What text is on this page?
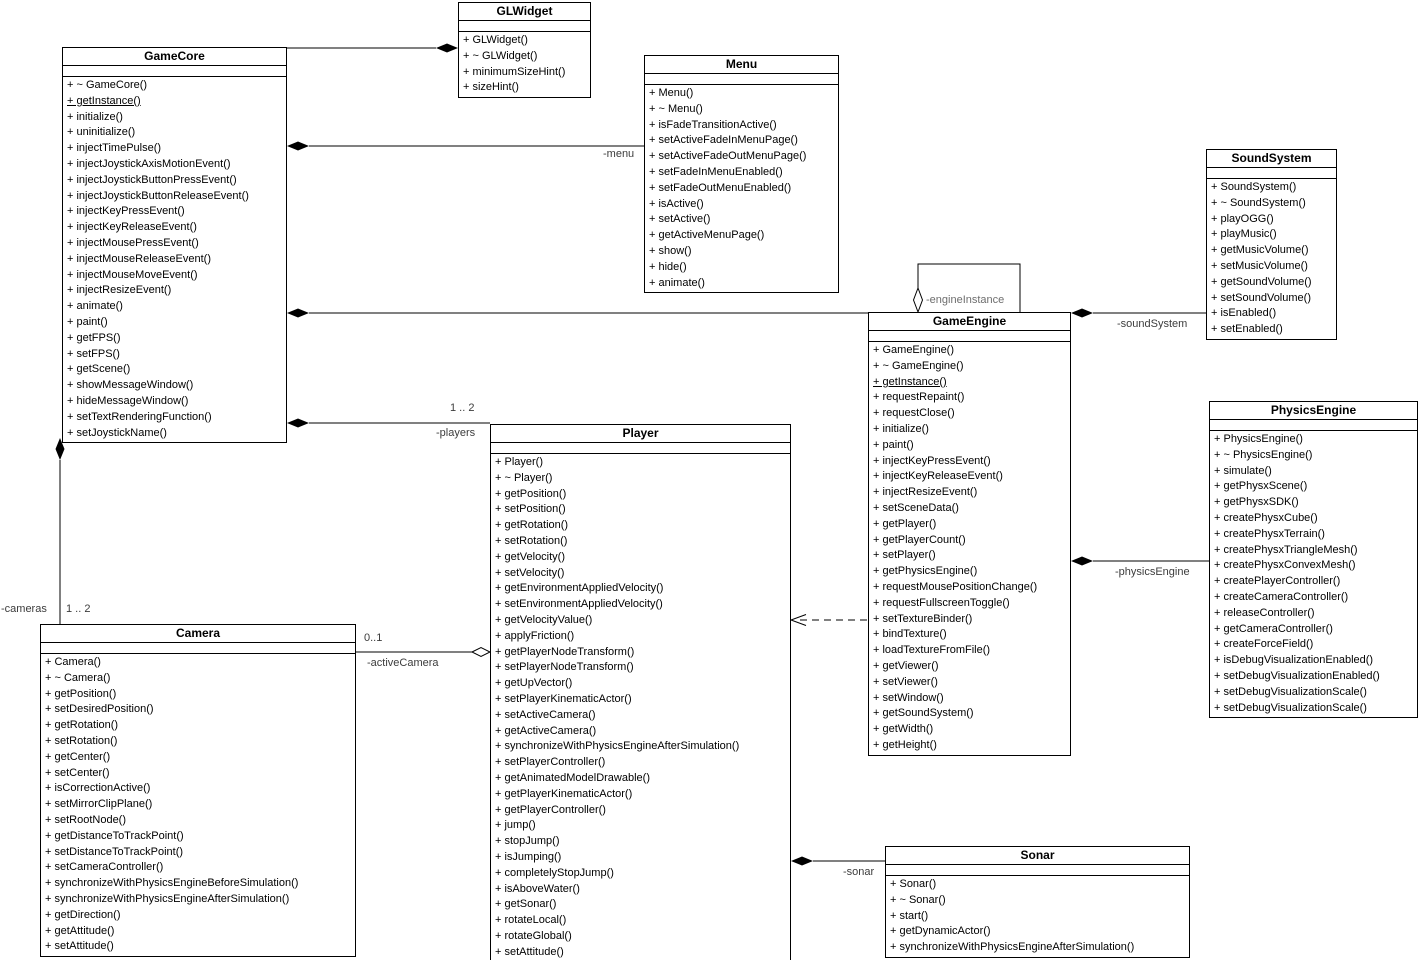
-menu
1 .. 2
-players
-cameras 1 .. 2
0..1
-activeCamera
-engineInstance
-soundSystem
-physicsEngine
-sonar
GameCore
+ ~ GameCore()
+ getInstance()
+ initialize()
+ uninitialize()
+ injectTimePulse()
+ injectJoystickAxisMotionEvent()
+ injectJoystickButtonPressEvent()
+ injectJoystickButtonReleaseEvent()
+ injectKeyPressEvent()
+ injectKeyReleaseEvent()
+ injectMousePressEvent()
+ injectMouseReleaseEvent()
+ injectMouseMoveEvent()
+ injectResizeEvent()
+ animate()
+ paint()
+ getFPS()
+ setFPS()
+ getScene()
+ showMessageWindow()
+ hideMessageWindow()
+ setTextRenderingFunction()
+ setJoystickName()
GLWidget
+ GLWidget()
+ ~ GLWidget()
+ minimumSizeHint()
+ sizeHint()
Menu
+ Menu()
+ ~ Menu()
+ isFadeTransitionActive()
+ setActiveFadeInMenuPage()
+ setActiveFadeOutMenuPage()
+ setFadeInMenuEnabled()
+ setFadeOutMenuEnabled()
+ isActive()
+ setActive()
+ getActiveMenuPage()
+ show()
+ hide()
+ animate()
SoundSystem
+ SoundSystem()
+ ~ SoundSystem()
+ playOGG()
+ playMusic()
+ getMusicVolume()
+ setMusicVolume()
+ getSoundVolume()
+ setSoundVolume()
+ isEnabled()
+ setEnabled()
GameEngine
+ GameEngine()
+ ~ GameEngine()
+ getInstance()
+ requestRepaint()
+ requestClose()
+ initialize()
+ paint()
+ injectKeyPressEvent()
+ injectKeyReleaseEvent()
+ injectResizeEvent()
+ setSceneData()
+ getPlayer()
+ getPlayerCount()
+ setPlayer()
+ getPhysicsEngine()
+ requestMousePositionChange()
+ requestFullscreenToggle()
+ setTextureBinder()
+ bindTexture()
+ loadTextureFromFile()
+ getViewer()
+ setViewer()
+ setWindow()
+ getSoundSystem()
+ getWidth()
+ getHeight()
PhysicsEngine
+ PhysicsEngine()
+ ~ PhysicsEngine()
+ simulate()
+ getPhysxScene()
+ getPhysxSDK()
+ createPhysxCube()
+ createPhysxTerrain()
+ createPhysxTriangleMesh()
+ createPhysxConvexMesh()
+ createPlayerController()
+ createCameraController()
+ releaseController()
+ getCameraController()
+ createForceField()
+ isDebugVisualizationEnabled()
+ setDebugVisualizationEnabled()
+ setDebugVisualizationScale()
+ setDebugVisualizationScale()
Player
+ Player()
+ ~ Player()
+ getPosition()
+ setPosition()
+ getRotation()
+ setRotation()
+ getVelocity()
+ setVelocity()
+ getEnvironmentAppliedVelocity()
+ setEnvironmentAppliedVelocity()
+ getVelocityValue()
+ applyFriction()
+ getPlayerNodeTransform()
+ setPlayerNodeTransform()
+ getUpVector()
+ setPlayerKinematicActor()
+ setActiveCamera()
+ getActiveCamera()
+ synchronizeWithPhysicsEngineAfterSimulation()
+ setPlayerController()
+ getAnimatedModelDrawable()
+ getPlayerKinematicActor()
+ getPlayerController()
+ jump()
+ stopJump()
+ isJumping()
+ completelyStopJump()
+ isAboveWater()
+ getSonar()
+ rotateLocal()
+ rotateGlobal()
+ setAttitude()
Camera
+ Camera()
+ ~ Camera()
+ getPosition()
+ setDesiredPosition()
+ getRotation()
+ setRotation()
+ getCenter()
+ setCenter()
+ isCorrectionActive()
+ setMirrorClipPlane()
+ setRootNode()
+ getDistanceToTrackPoint()
+ setDistanceToTrackPoint()
+ setCameraController()
+ synchronizeWithPhysicsEngineBeforeSimulation()
+ synchronizeWithPhysicsEngineAfterSimulation()
+ getDirection()
+ getAttitude()
+ setAttitude()
Sonar
+ Sonar()
+ ~ Sonar()
+ start()
+ getDynamicActor()
+ synchronizeWithPhysicsEngineAfterSimulation()
